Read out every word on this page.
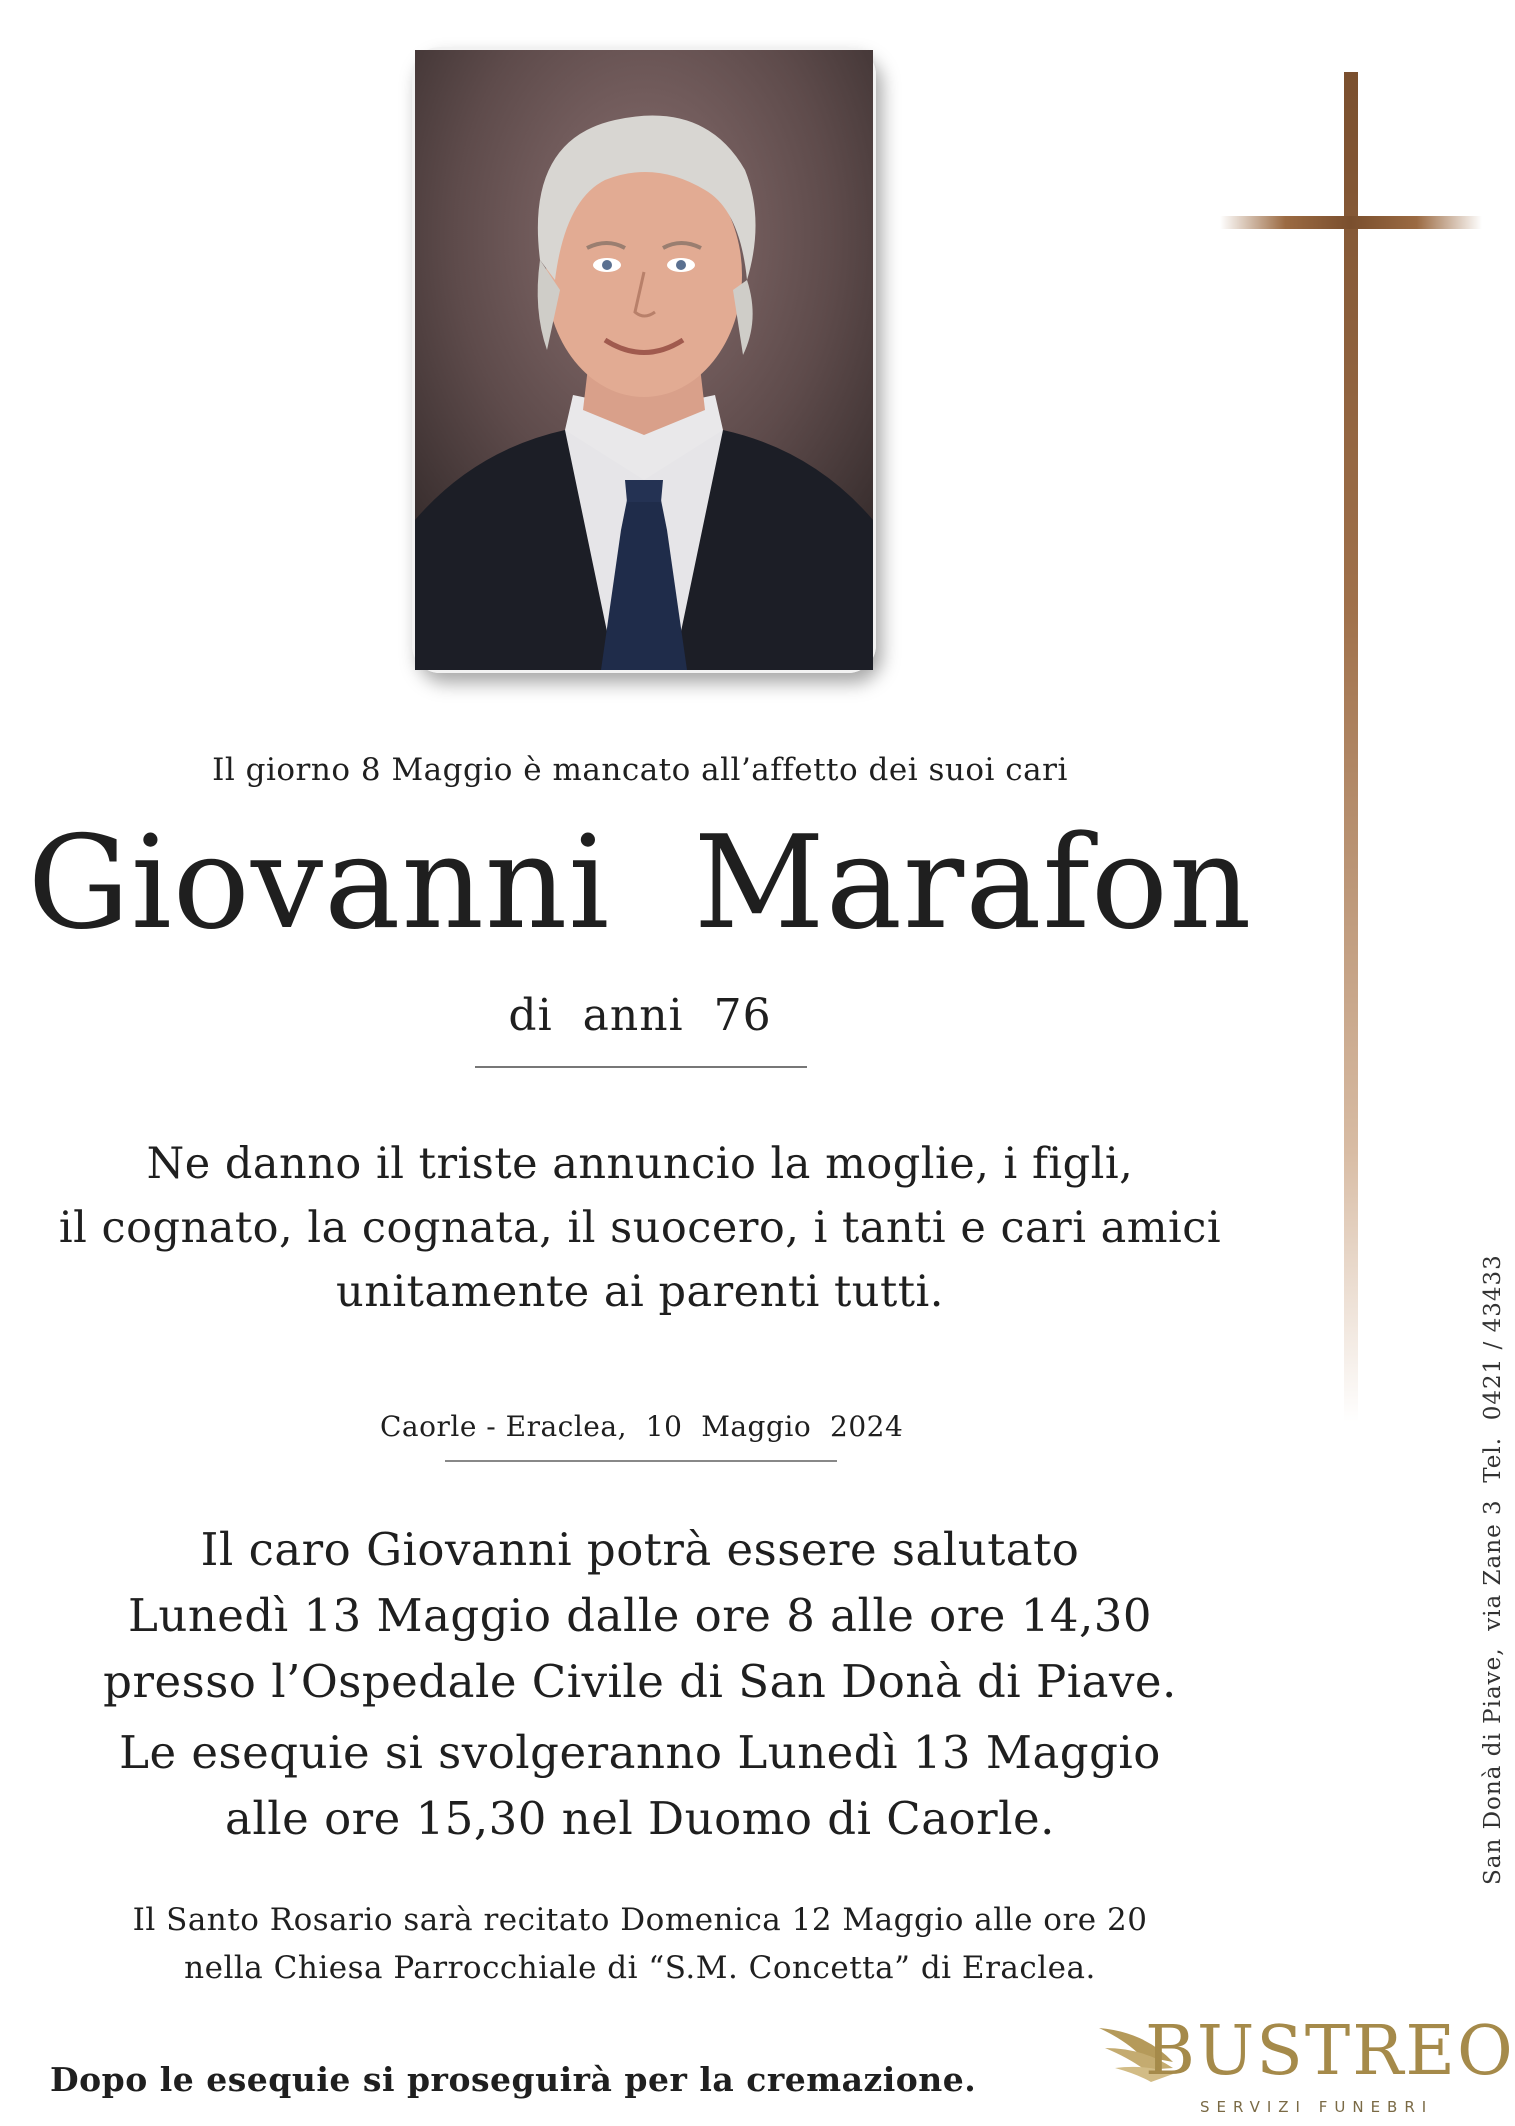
Il giorno 8 Maggio è mancato all’affetto dei suoi cari
Giovanni  Marafon
di  anni  76
Ne danno il triste annuncio la moglie, i figli,
il cognato, la cognata, il suocero, i tanti e cari amici
unitamente ai parenti tutti.
Caorle - Eraclea,  10  Maggio  2024
Il caro Giovanni potrà essere salutato
Lunedì 13 Maggio dalle ore 8 alle ore 14,30
presso l’Ospedale Civile di San Donà di Piave.
Le esequie si svolgeranno Lunedì 13 Maggio
alle ore 15,30 nel Duomo di Caorle.
Il Santo Rosario sarà recitato Domenica 12 Maggio alle ore 20
nella Chiesa Parrocchiale di “S.M. Concetta” di Eraclea.
Dopo le esequie si proseguirà per la cremazione.
San Donà di Piave,  via Zane 3  Tel.  0421 / 43433
BUSTREO
SERVIZI FUNEBRI
